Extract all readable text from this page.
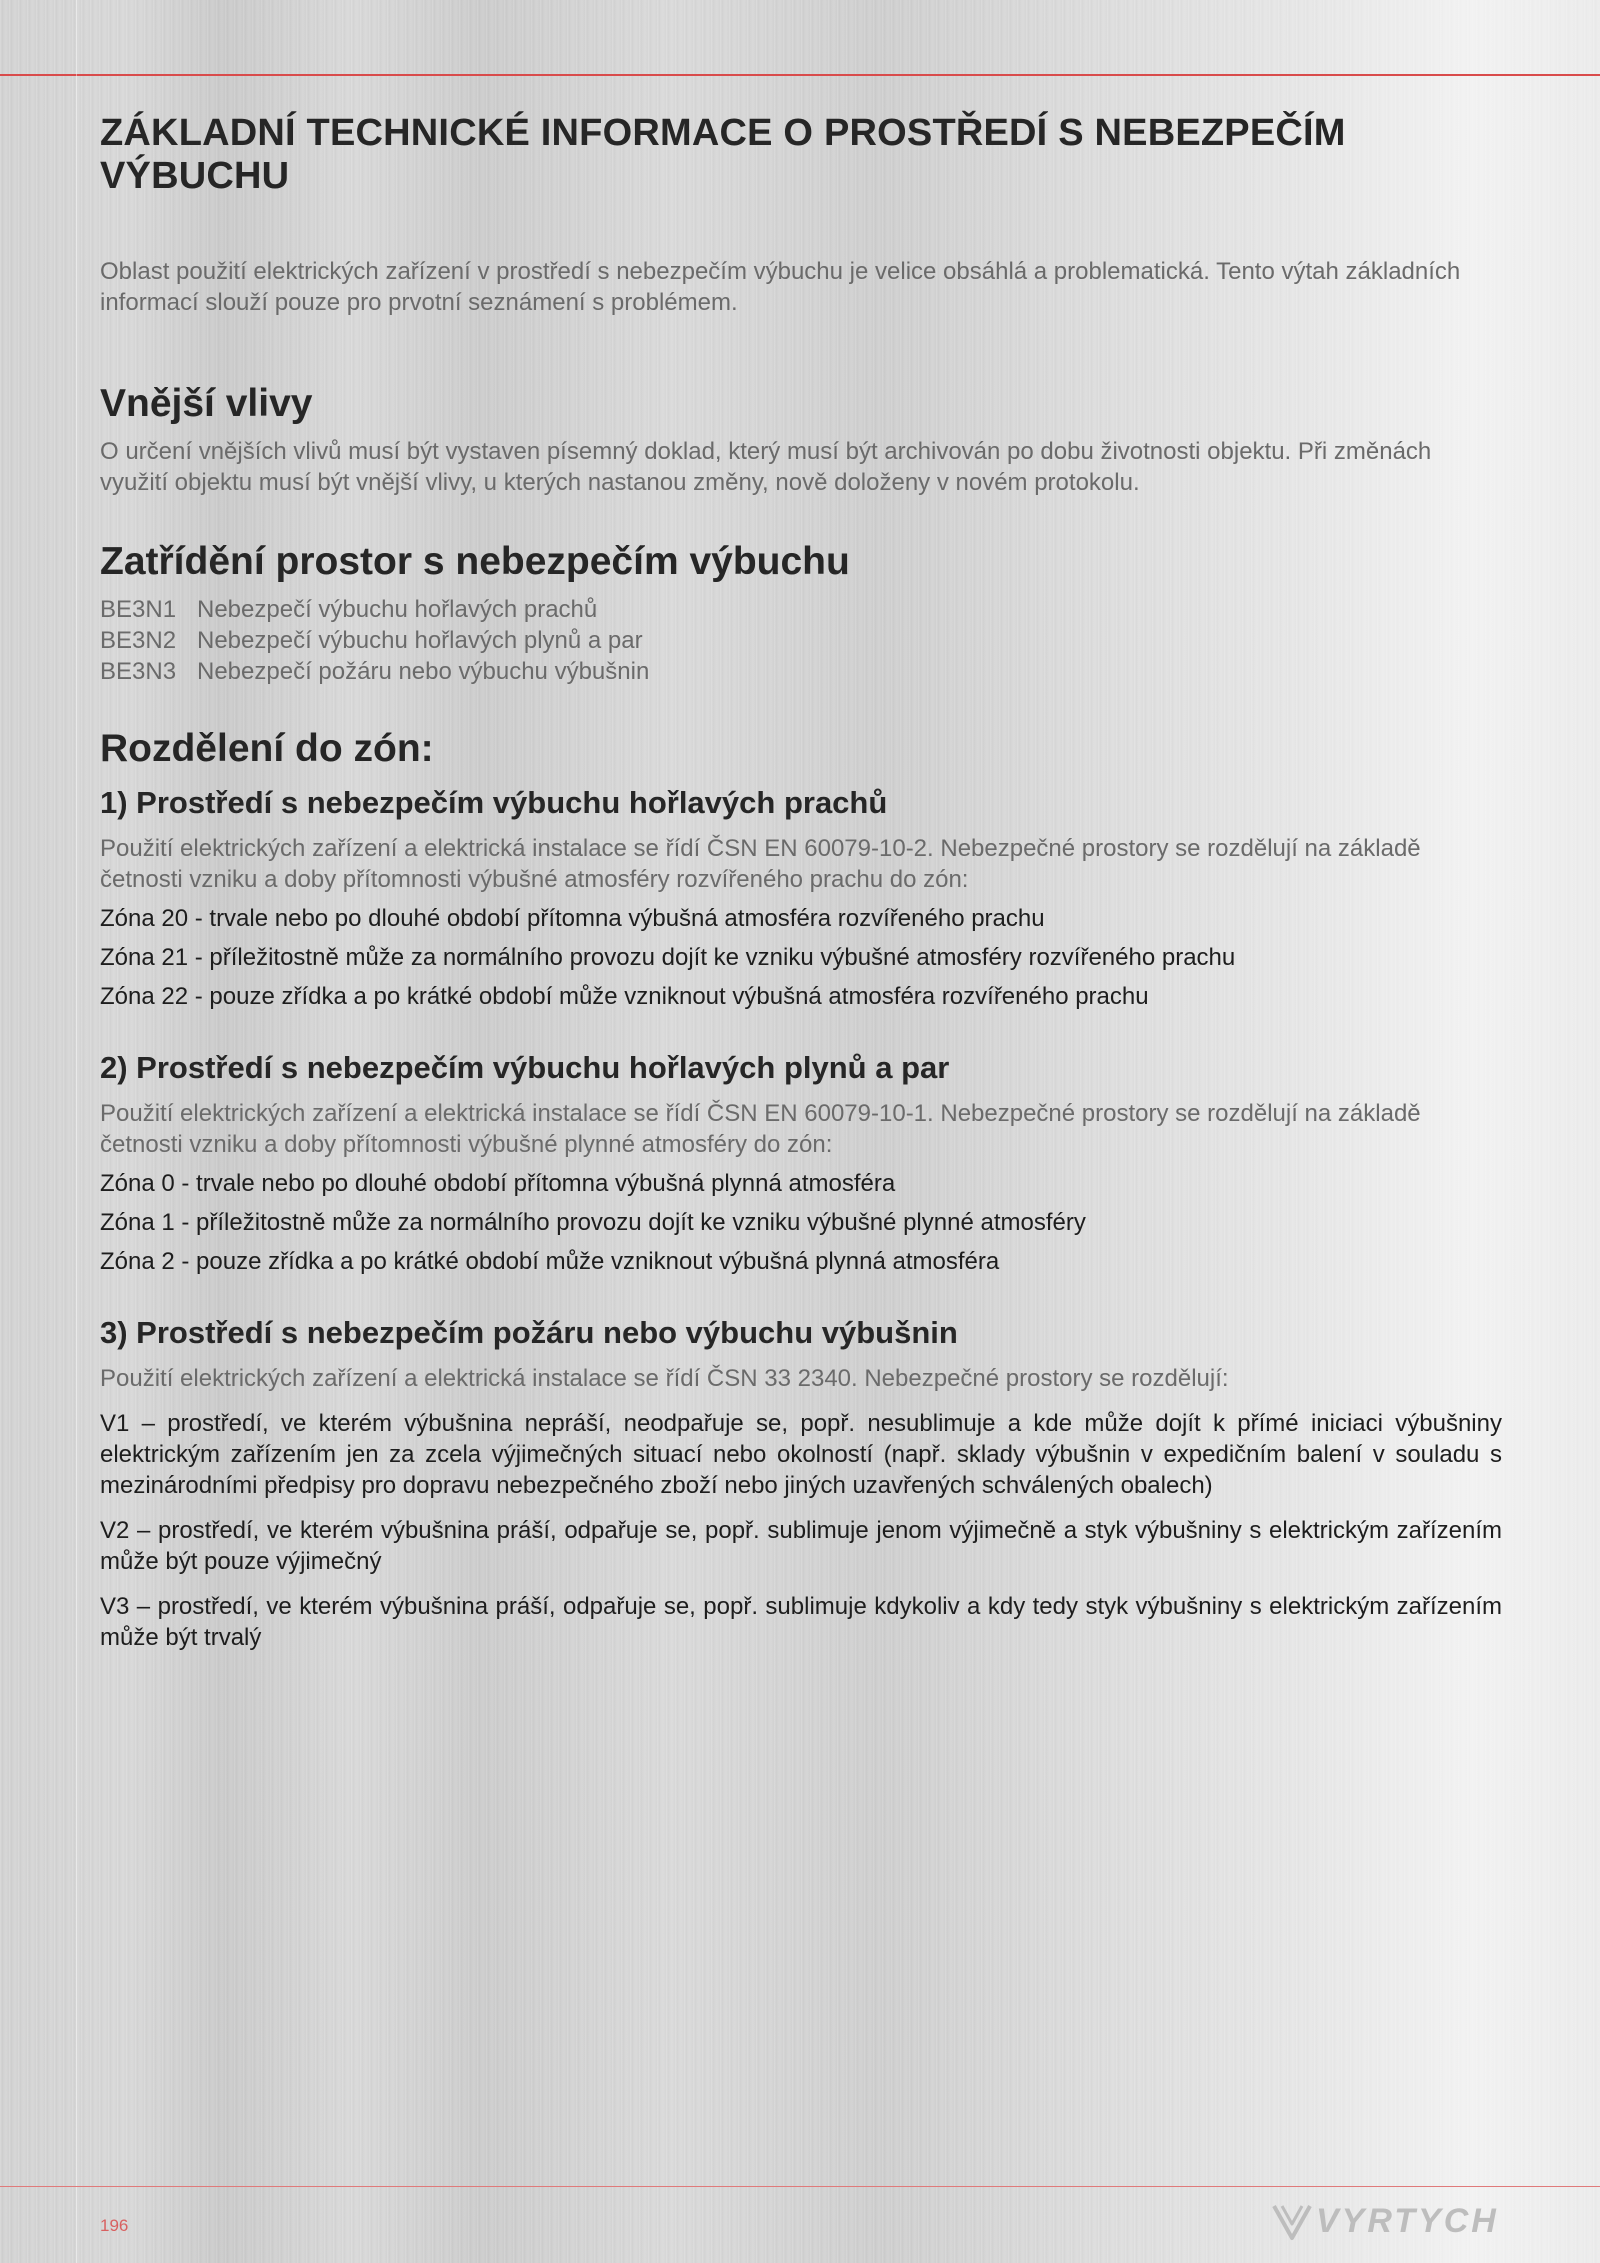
ZÁKLADNÍ TECHNICKÉ INFORMACE O PROSTŘEDÍ S NEBEZPEČÍM VÝBUCHU

Oblast použití elektrických zařízení v prostředí s nebezpečím výbuchu je velice obsáhlá a problematická. Tento výtah základních informací slouží pouze pro prvotní seznámení s problémem.

Vnější vlivy

O určení vnějších vlivů musí být vystaven písemný doklad, který musí být archivován po dobu životnosti objektu. Při změnách využití objektu musí být vnější vlivy, u kterých nastanou změny, nově doloženy v novém protokolu.

Zatřídění prostor s nebezpečím výbuchu
BE3N1 Nebezpečí výbuchu hořlavých prachů
BE3N2 Nebezpečí výbuchu hořlavých plynů a par
BE3N3 Nebezpečí požáru nebo výbuchu výbušnin
Rozdělení do zón:
1) Prostředí s nebezpečím výbuchu hořlavých prachů

Použití elektrických zařízení a elektrická instalace se řídí ČSN EN 60079-10-2. Nebezpečné prostory se rozdělují na základě četnosti vzniku a doby přítomnosti výbušné atmosféry rozvířeného prachu do zón:

Zóna 20 - trvale nebo po dlouhé období přítomna výbušná atmosféra rozvířeného prachu

Zóna 21 - příležitostně může za normálního provozu dojít ke vzniku výbušné atmosféry rozvířeného prachu

Zóna 22 - pouze zřídka a po krátké období může vzniknout výbušná atmosféra rozvířeného prachu

2) Prostředí s nebezpečím výbuchu hořlavých plynů a par

Použití elektrických zařízení a elektrická instalace se řídí ČSN EN 60079-10-1. Nebezpečné prostory se rozdělují na základě četnosti vzniku a doby přítomnosti výbušné plynné atmosféry do zón:

Zóna 0 - trvale nebo po dlouhé období přítomna výbušná plynná atmosféra

Zóna 1 - příležitostně může za normálního provozu dojít ke vzniku výbušné plynné atmosféry

Zóna 2 - pouze zřídka a po krátké období může vzniknout výbušná plynná atmosféra

3) Prostředí s nebezpečím požáru nebo výbuchu výbušnin

Použití elektrických zařízení a elektrická instalace se řídí ČSN 33 2340. Nebezpečné prostory se rozdělují:

V1 – prostředí, ve kterém výbušnina nepráší, neodpařuje se, popř. nesublimuje a kde může dojít k přímé iniciaci výbušniny elektrickým zařízením jen za zcela výjimečných situací nebo okolností (např. sklady výbušnin v expedičním balení v souladu s mezinárodními předpisy pro dopravu nebezpečného zboží nebo jiných uzavřených schválených obalech)

V2 – prostředí, ve kterém výbušnina práší, odpařuje se, popř. sublimuje jenom výjimečně a styk výbušniny s elektrickým zařízením může být pouze výjimečný

V3 – prostředí, ve kterém výbušnina práší, odpařuje se, popř. sublimuje kdykoliv a kdy tedy styk výbušniny s elektrickým zařízením může být trvalý

196	VYRTYCH
